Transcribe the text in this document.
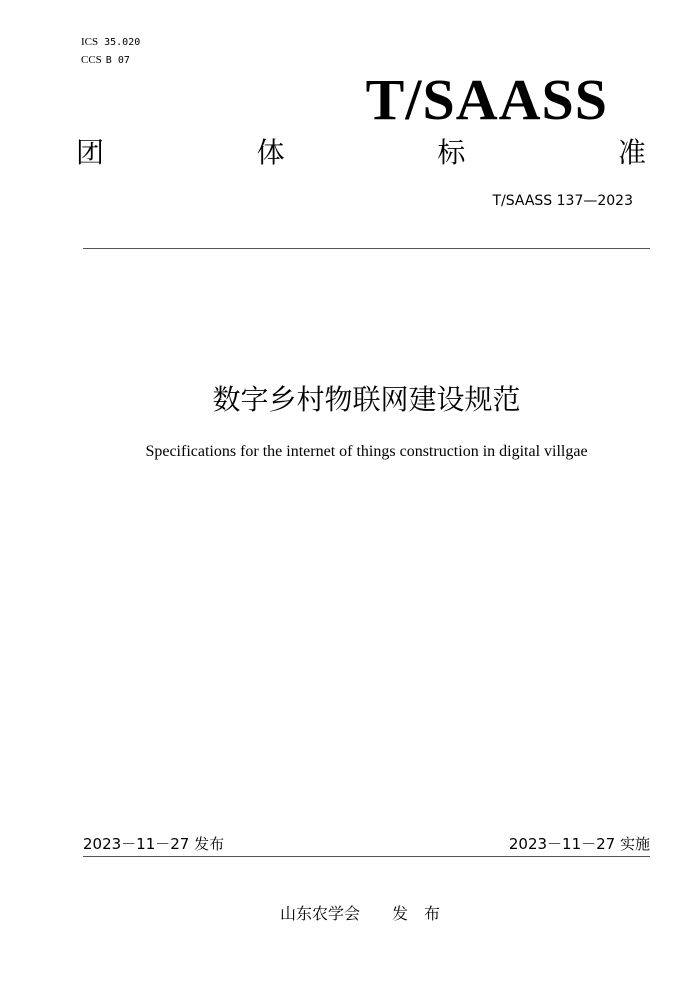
ICS 35.020
CCS B 07
T/SAASS
团	体	标	准
T/SAASS 137—2023
数字乡村物联网建设规范
Specifications for the internet of things construction in digital villgae
2023－11－27 发布	2023－11－27 实施
山东农学会　　发　布
